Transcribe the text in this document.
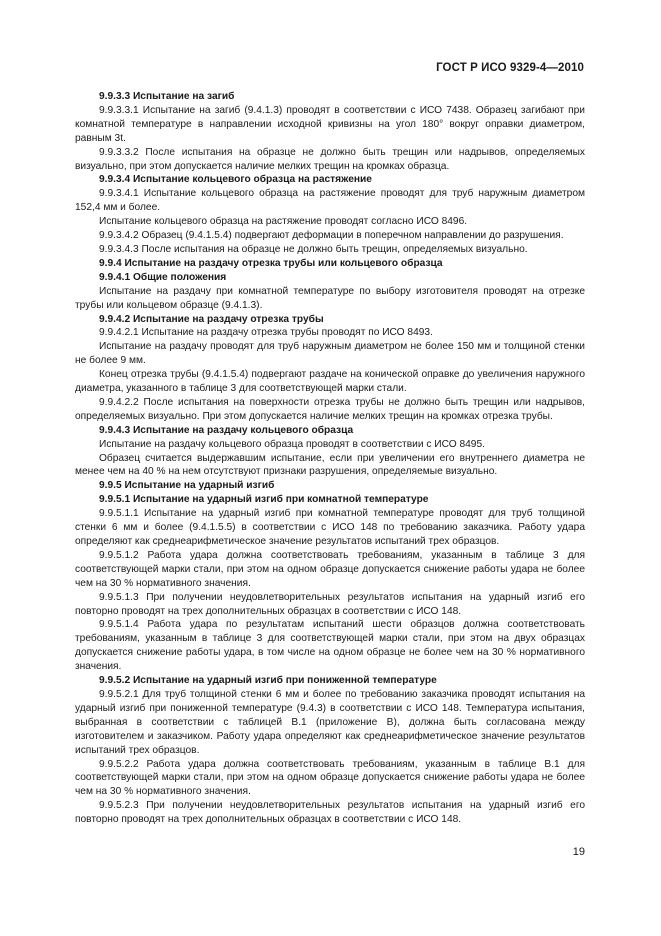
ГОСТ Р ИСО 9329-4—2010

9.9.3.3 Испытание на загиб

9.9.3.3.1 Испытание на загиб (9.4.1.3) проводят в соответствии с ИСО 7438. Образец загибают при комнатной температуре в направлении исходной кривизны на угол 180° вокруг оправки диаметром, равным 3t.

9.9.3.3.2 После испытания на образце не должно быть трещин или надрывов, определяемых визуально, при этом допускается наличие мелких трещин на кромках образца.

9.9.3.4 Испытание кольцевого образца на растяжение

9.9.3.4.1 Испытание кольцевого образца на растяжение проводят для труб наружным диаметром 152,4 мм и более.

Испытание кольцевого образца на растяжение проводят согласно ИСО 8496.

9.9.3.4.2 Образец (9.4.1.5.4) подвергают деформации в поперечном направлении до разрушения.

9.9.3.4.3 После испытания на образце не должно быть трещин, определяемых визуально.

9.9.4 Испытание на раздачу отрезка трубы или кольцевого образца

9.9.4.1 Общие положения

Испытание на раздачу при комнатной температуре по выбору изготовителя проводят на отрезке трубы или кольцевом образце (9.4.1.3).

9.9.4.2 Испытание на раздачу отрезка трубы

9.9.4.2.1 Испытание на раздачу отрезка трубы проводят по ИСО 8493.

Испытание на раздачу проводят для труб наружным диаметром не более 150 мм и толщиной стенки не более 9 мм.

Конец отрезка трубы (9.4.1.5.4) подвергают раздаче на конической оправке до увеличения наружного диаметра, указанного в таблице 3 для соответствующей марки стали.

9.9.4.2.2 После испытания на поверхности отрезка трубы не должно быть трещин или надрывов, определяемых визуально. При этом допускается наличие мелких трещин на кромках отрезка трубы.

9.9.4.3 Испытание на раздачу кольцевого образца

Испытание на раздачу кольцевого образца проводят в соответствии с ИСО 8495.

Образец считается выдержавшим испытание, если при увеличении его внутреннего диаметра не менее чем на 40 % на нем отсутствуют признаки разрушения, определяемые визуально.

9.9.5 Испытание на ударный изгиб

9.9.5.1 Испытание на ударный изгиб при комнатной температуре

9.9.5.1.1 Испытание на ударный изгиб при комнатной температуре проводят для труб толщиной стенки 6 мм и более (9.4.1.5.5) в соответствии с ИСО 148 по требованию заказчика. Работу удара определяют как среднеарифметическое значение результатов испытаний трех образцов.

9.9.5.1.2 Работа удара должна соответствовать требованиям, указанным в таблице 3 для соответствующей марки стали, при этом на одном образце допускается снижение работы удара не более чем на 30 % нормативного значения.

9.9.5.1.3 При получении неудовлетворительных результатов испытания на ударный изгиб его повторно проводят на трех дополнительных образцах в соответствии с ИСО 148.

9.9.5.1.4 Работа удара по результатам испытаний шести образцов должна соответствовать требованиям, указанным в таблице 3 для соответствующей марки стали, при этом на двух образцах допускается снижение работы удара, в том числе на одном образце не более чем на 30 % нормативного значения.

9.9.5.2 Испытание на ударный изгиб при пониженной температуре

9.9.5.2.1 Для труб толщиной стенки 6 мм и более по требованию заказчика проводят испытания на ударный изгиб при пониженной температуре (9.4.3) в соответствии с ИСО 148. Температура испытания, выбранная в соответствии с таблицей В.1 (приложение В), должна быть согласована между изготовителем и заказчиком. Работу удара определяют как среднеарифметическое значение результатов испытаний трех образцов.

9.9.5.2.2 Работа удара должна соответствовать требованиям, указанным в таблице В.1 для соответствующей марки стали, при этом на одном образце допускается снижение работы удара не более чем на 30 % нормативного значения.

9.9.5.2.3 При получении неудовлетворительных результатов испытания на ударный изгиб его повторно проводят на трех дополнительных образцах в соответствии с ИСО 148.

19
